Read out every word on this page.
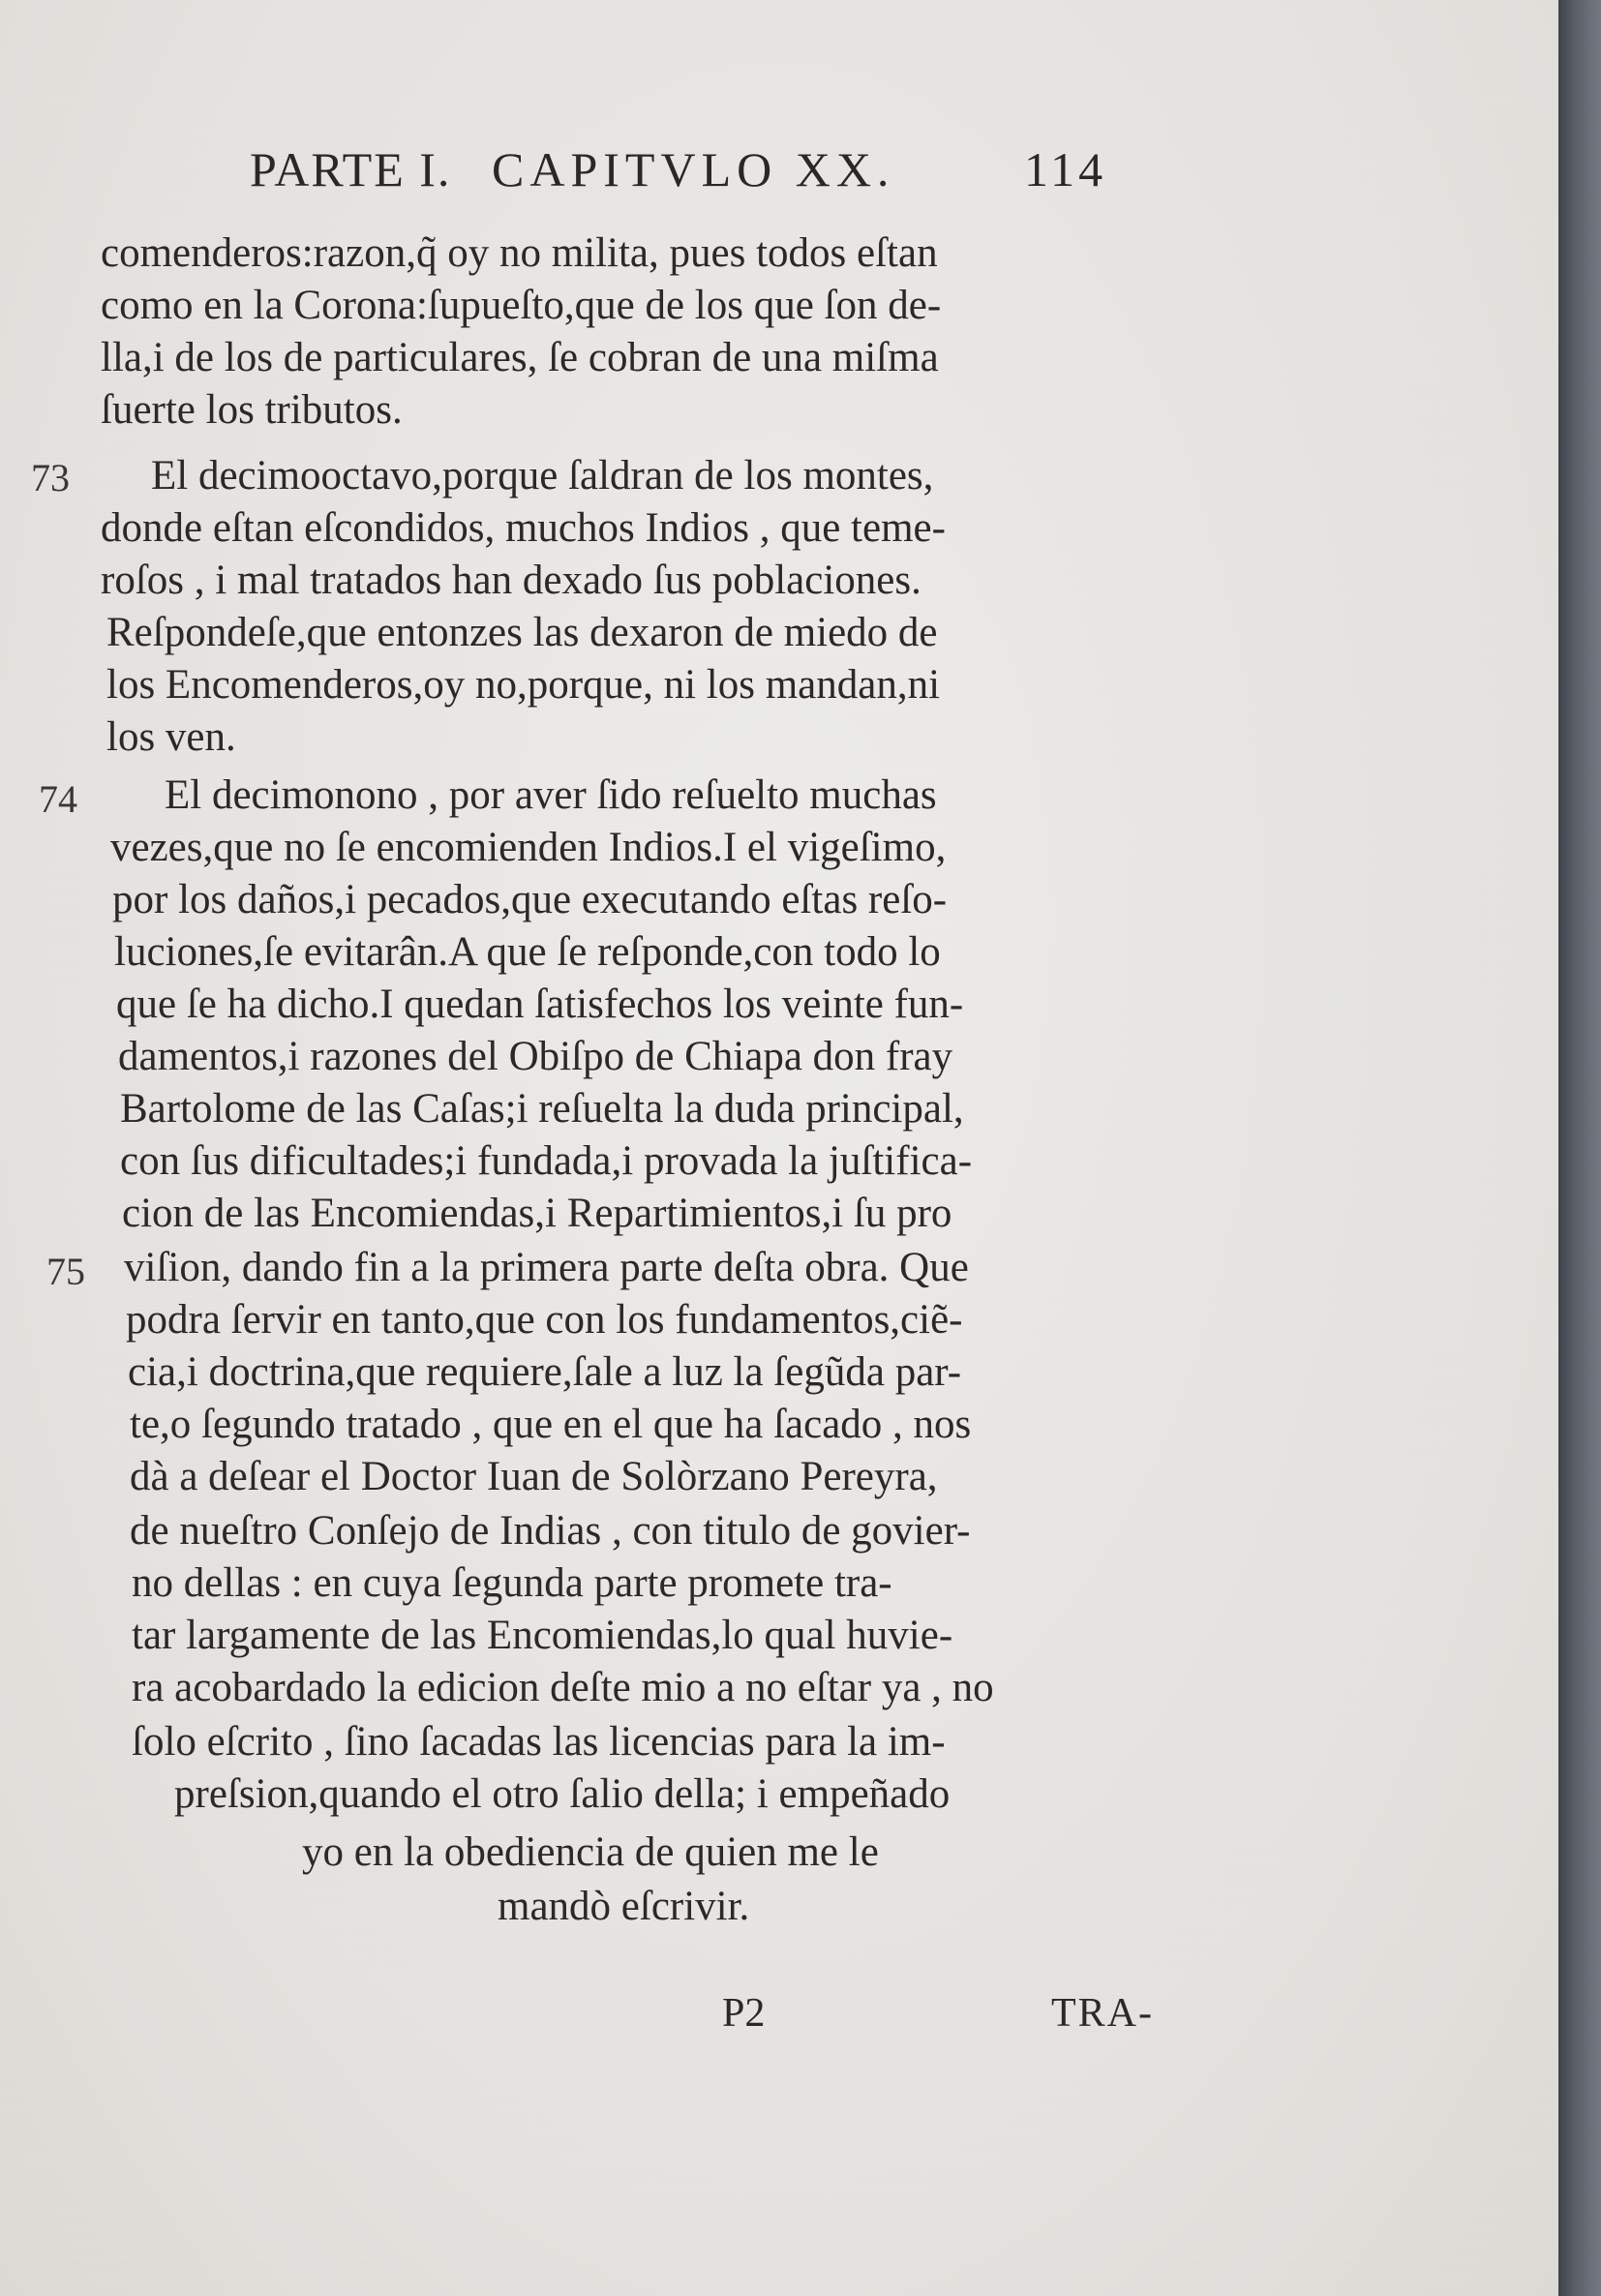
PARTE I. CAPITVLO XX.	114

comenderos:razon,q̃ oy no milita, pues todos eſtan

como en la Corona:ſupueſto,que de los que ſon de-

lla,i de los de particulares, ſe cobran de una miſma

ſuerte los tributos.

El decimooctavo,porque ſaldran de los montes,

donde eſtan eſcondidos, muchos Indios , que teme-

roſos , i mal tratados han dexado ſus poblaciones.

Reſpondeſe,que entonzes las dexaron de miedo de

los Encomenderos,oy no,porque, ni los mandan,ni

los ven.

El decimonono , por aver ſido reſuelto muchas

vezes,que no ſe encomienden Indios.I el vigeſimo,

por los daños,i pecados,que executando eſtas reſo-

luciones,ſe evitarân.A que ſe reſponde,con todo lo

que ſe ha dicho.I quedan ſatisfechos los veinte fun-

damentos,i razones del Obiſpo de Chiapa don fray

Bartolome de las Caſas;i reſuelta la duda principal,

con ſus dificultades;i fundada,i provada la juſtifica-

cion de las Encomiendas,i Repartimientos,i ſu pro

viſion, dando fin a la primera parte deſta obra. Que

podra ſervir en tanto,que con los fundamentos,ciẽ-

cia,i doctrina,que requiere,ſale a luz la ſegũda par-

te,o ſegundo tratado , que en el que ha ſacado , nos

dà a deſear el Doctor Iuan de Solòrzano Pereyra,

de nueſtro Conſejo de Indias , con titulo de govier-

no dellas : en cuya ſegunda parte promete tra-

tar largamente de las Encomiendas,lo qual huvie-

ra acobardado la edicion deſte mio a no eſtar ya , no

ſolo eſcrito , ſino ſacadas las licencias para la im-

preſsion,quando el otro ſalio della; i empeñado

yo en la obediencia de quien me le

mandò eſcrivir.

73

74

75

P2	TRA-
